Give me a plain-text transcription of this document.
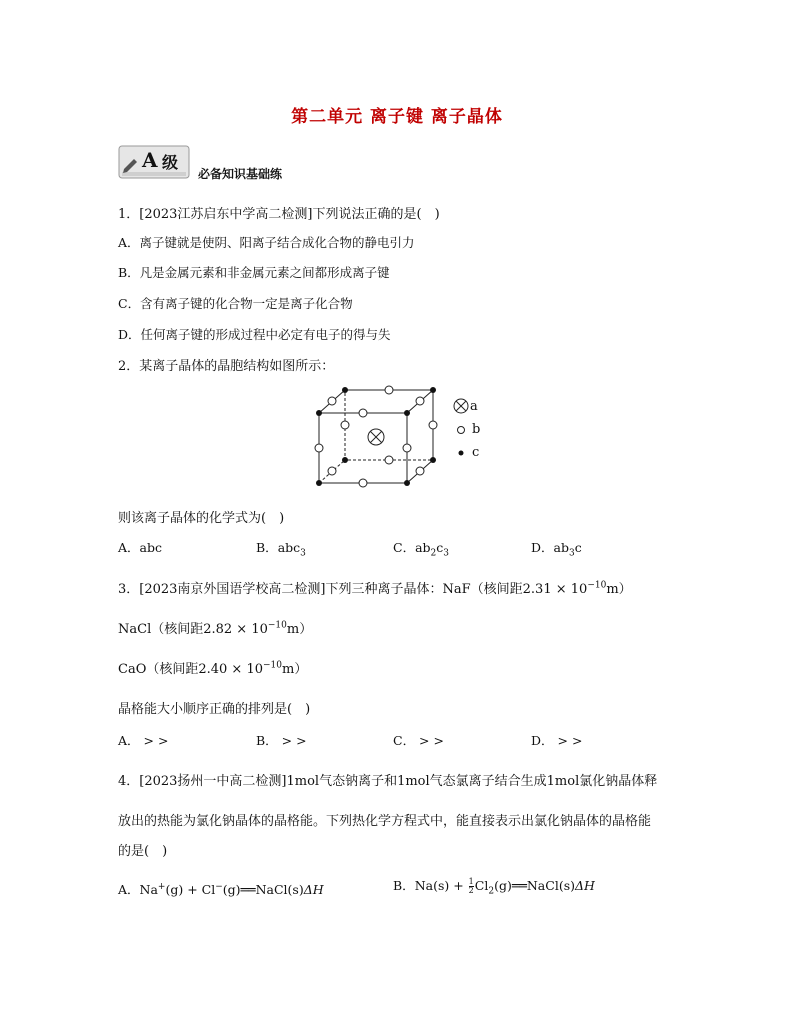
第二单元 离子键 离子晶体
A 级
必备知识基础练
1．[2023江苏启东中学高二检测]下列说法正确的是(　)
A．离子键就是使阴、阳离子结合成化合物的静电引力
B．凡是金属元素和非金属元素之间都形成离子键
C．含有离子键的化合物一定是离子化合物
D．任何离子键的形成过程中必定有电子的得与失
2．某离子晶体的晶胞结构如图所示：
a
b
c
则该离子晶体的化学式为(　)
A．abc	B．abc$_3$	C．$ab_2c_3$	D．$ab_3c$
3．[2023南京外国语学校高二检测]下列三种离子晶体：NaF（核间距$2.31 \times 10^{-10}m$）
NaCl（核间距$2.82 \times 10^{-10}m$）
CaO（核间距$2.40 \times 10^{-10}m$）
晶格能大小顺序正确的排列是(　)
A． > >	B． > >	C． > >	D． > >
4．[2023扬州一中高二检测]1mol气态钠离子和1mol气态氯离子结合生成1mol氯化钠晶体释
放出的热能为氯化钠晶体的晶格能。下列热化学方程式中，能直接表示出氯化钠晶体的晶格能
的是(　)
A．Na+(g) + Cl−(g)══NaCl(s)ΔH	B．$Na(s) + \frac{1}{2}$ $Cl_2(g)══NaCl(s)\Delta H$
